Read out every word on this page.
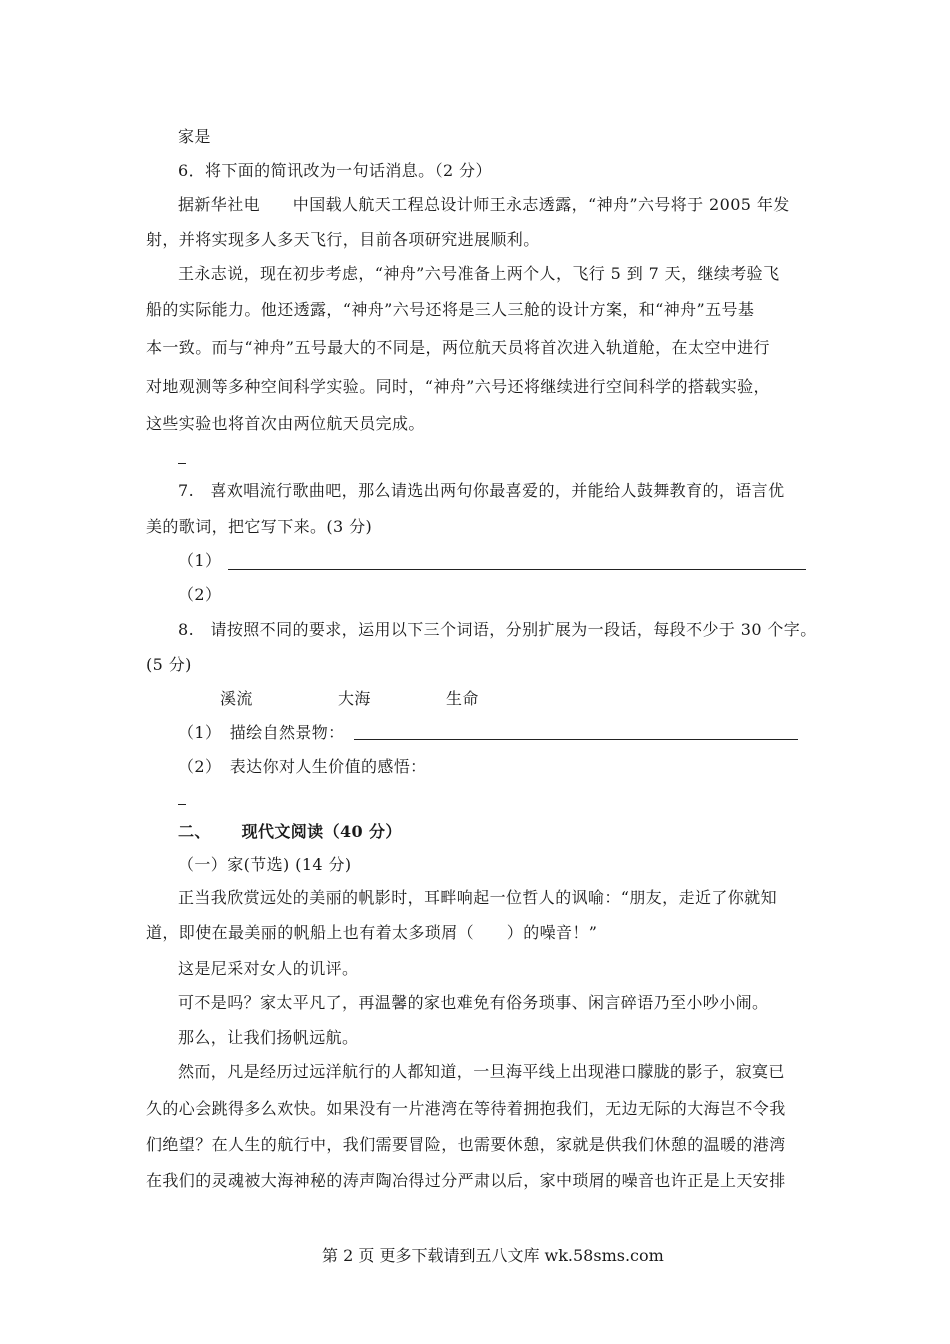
家是
6．将下面的简讯改为一句话消息。（2 分）
据新华社电　　中国载人航天工程总设计师王永志透露，“神舟”六号将于 2005 年发
射，并将实现多人多天飞行，目前各项研究进展顺利。
王永志说，现在初步考虑，“神舟”六号准备上两个人，飞行 5 到 7 天，继续考验飞
船的实际能力。他还透露，“神舟”六号还将是三人三舱的设计方案，和“神舟”五号基
本一致。而与“神舟”五号最大的不同是，两位航天员将首次进入轨道舱，在太空中进行
对地观测等多种空间科学实验。同时，“神舟”六号还将继续进行空间科学的搭载实验，
这些实验也将首次由两位航天员完成。
7.　喜欢唱流行歌曲吧，那么请选出两句你最喜爱的，并能给人鼓舞教育的，语言优
美的歌词，把它写下来。(3 分)
（1）
（2）
8.　请按照不同的要求，运用以下三个词语，分别扩展为一段话，每段不少于 30 个字。
(5 分)
溪流	大海	生命
（1）　描绘自然景物：
（2）　表达你对人生价值的感悟：
二、　　 现代文阅读（40 分）
（一）家(节选) (14 分)
正当我欣赏远处的美丽的帆影时，耳畔响起一位哲人的讽喻：“朋友，走近了你就知
道，即使在最美丽的帆船上也有着太多琐屑（　　）的噪音！”
这是尼采对女人的讥评。
可不是吗？家太平凡了，再温馨的家也难免有俗务琐事、闲言碎语乃至小吵小闹。
那么，让我们扬帆远航。
然而，凡是经历过远洋航行的人都知道，一旦海平线上出现港口朦胧的影子，寂寞已
久的心会跳得多么欢快。如果没有一片港湾在等待着拥抱我们，无边无际的大海岂不令我
们绝望？在人生的航行中，我们需要冒险，也需要休憩，家就是供我们休憩的温暖的港湾
在我们的灵魂被大海神秘的涛声陶冶得过分严肃以后，家中琐屑的噪音也许正是上天安排
第 2 页 更多下载请到五八文库 wk.58sms.com
